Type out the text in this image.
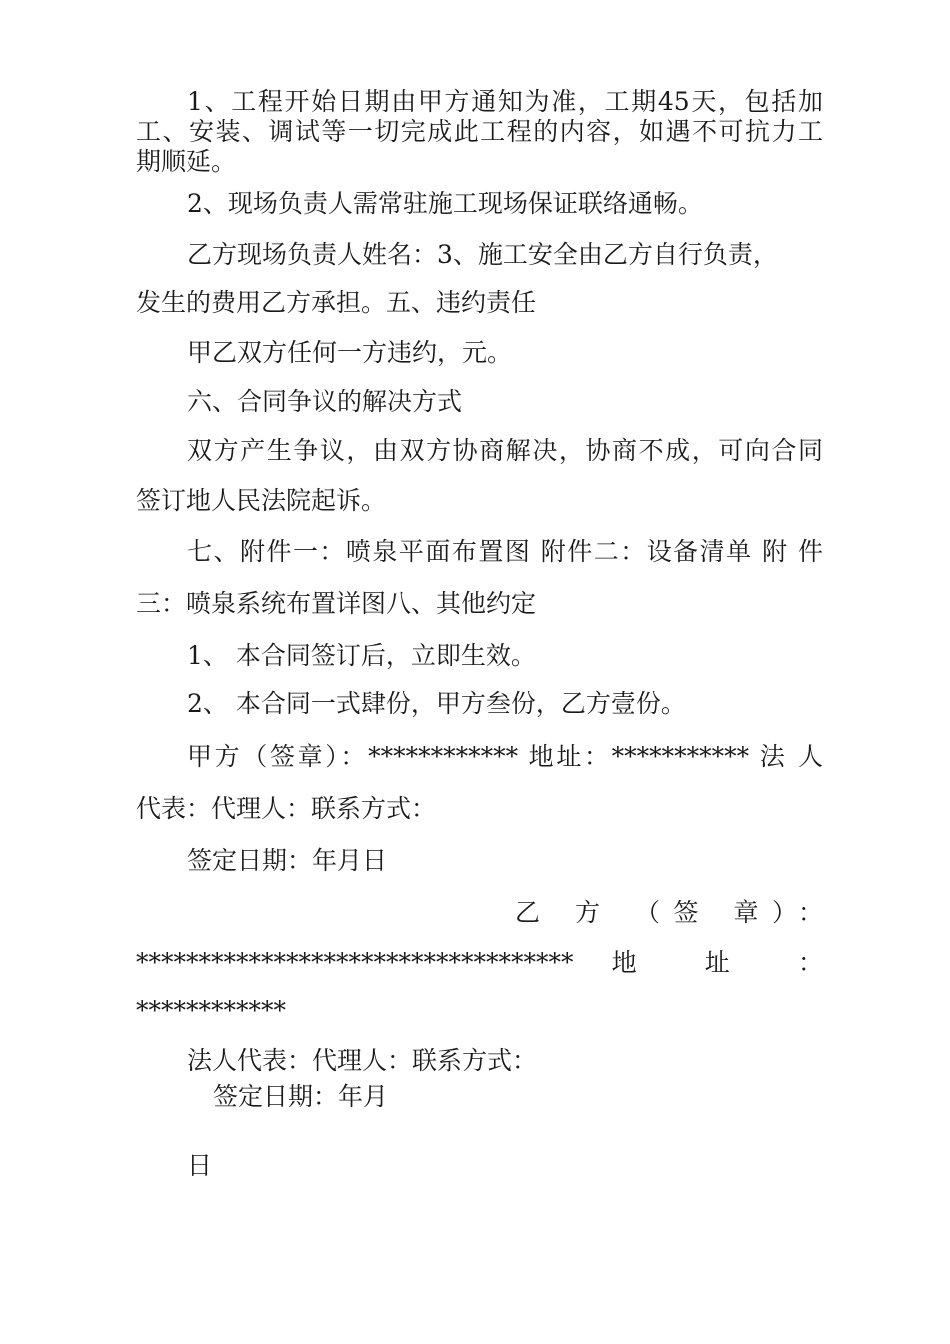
1、工程开始日期由甲方通知为准，工期45天，包括加

工、安装、调试等一切完成此工程的内容，如遇不可抗力工

期顺延。

2、现场负责人需常驻施工现场保证联络通畅。

乙方现场负责人姓名：3、施工安全由乙方自行负责，

发生的费用乙方承担。五、违约责任

甲乙双方任何一方违约，元。

六、合同争议的解决方式

双方产生争议，由双方协商解决，协商不成，可向合同

签订地人民法院起诉。

七、附件一：喷泉平面布置图 附件二：设备清单 附 件

三：喷泉系统布置详图八、其他约定

1、 本合同签订后，立即生效。

2、 本合同一式肆份，甲方叁份，乙方壹份。

甲方（签章）：************ 地址：*********** 法 人

代表：代理人：联系方式：

签定日期：年月日

乙 方 （签 章）：

*********************************** 地 址 ：

************

法人代表：代理人：联系方式：

签定日期：年月

日
